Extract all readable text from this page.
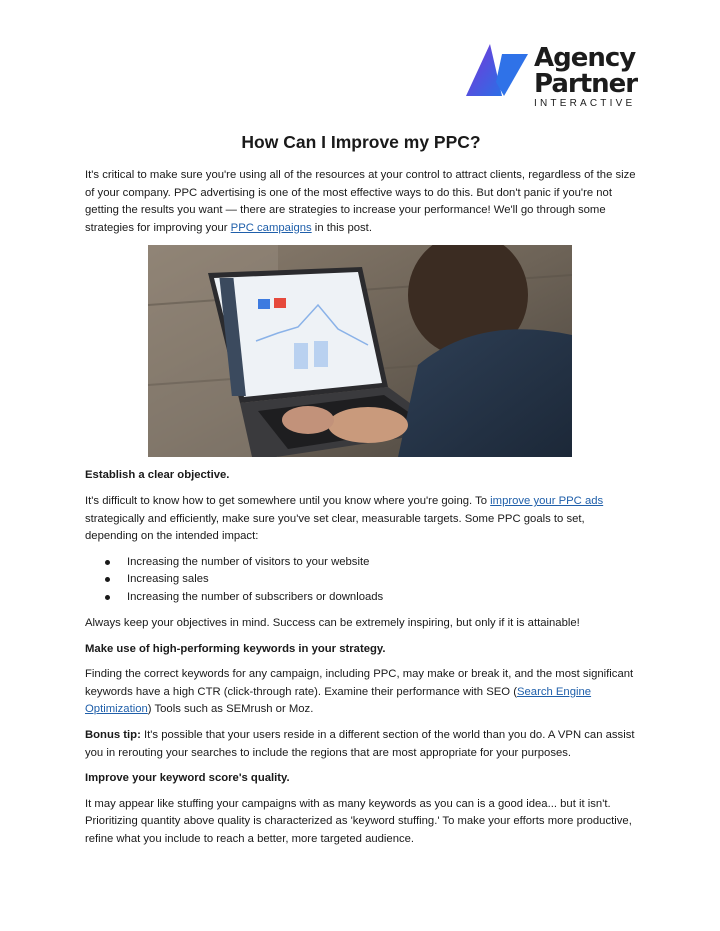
Agency
Partner
INTERACTIVE
How Can I Improve my PPC?

It's critical to make sure you're using all of the resources at your control to attract clients, regardless of the size of your company. PPC advertising is one of the most effective ways to do this. But don't panic if you're not getting the results you want — there are strategies to increase your performance! We'll go through some strategies for improving your PPC campaigns in this post.

Establish a clear objective.

It's difficult to know how to get somewhere until you know where you're going. To improve your PPC ads strategically and efficiently, make sure you've set clear, measurable targets. Some PPC goals to set, depending on the intended impact:

Increasing the number of visitors to your website
Increasing sales
Increasing the number of subscribers or downloads

Always keep your objectives in mind. Success can be extremely inspiring, but only if it is attainable!

Make use of high-performing keywords in your strategy.

Finding the correct keywords for any campaign, including PPC, may make or break it, and the most significant keywords have a high CTR (click-through rate). Examine their performance with SEO (Search Engine Optimization) Tools such as SEMrush or Moz.

Bonus tip: It's possible that your users reside in a different section of the world than you do. A VPN can assist you in rerouting your searches to include the regions that are most appropriate for your purposes.

Improve your keyword score's quality.

It may appear like stuffing your campaigns with as many keywords as you can is a good idea... but it isn't. Prioritizing quantity above quality is characterized as 'keyword stuffing.' To make your efforts more productive, refine what you include to reach a better, more targeted audience.
